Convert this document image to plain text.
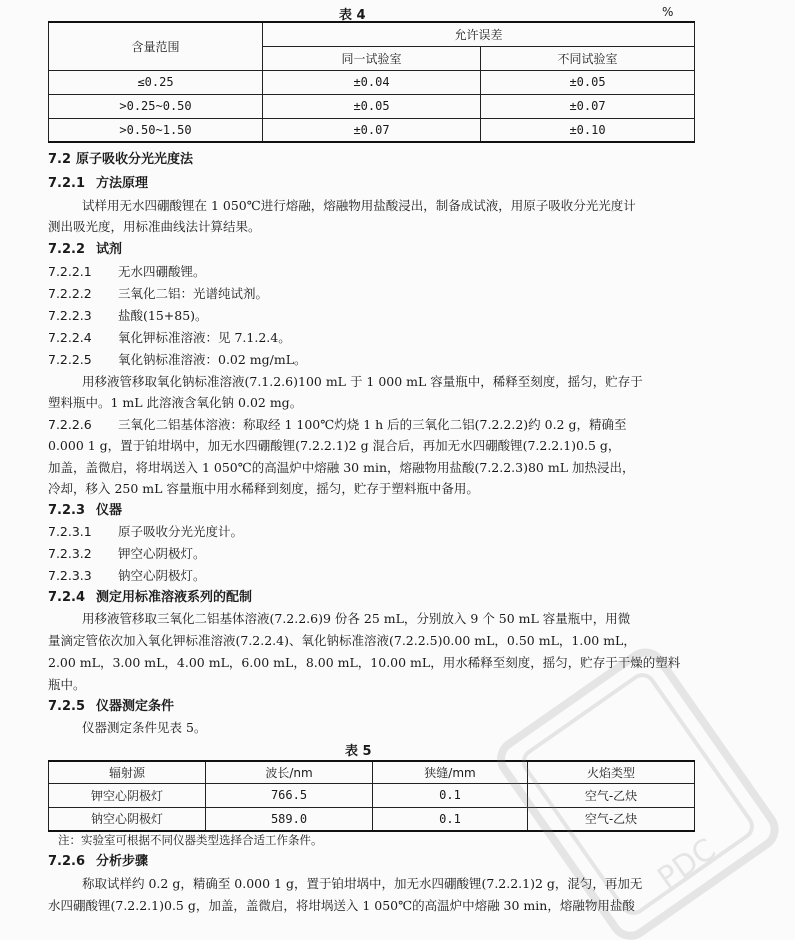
表 4	%
含量范围	允许误差	
	同一试验室	不同试验室
≤0.25	±0.04	±0.05
>0.25~0.50	±0.05	±0.07
>0.50~1.50	±0.07	±0.10
7.2 原子吸收分光光度法
7.2.1 方法原理
试样用无水四硼酸锂在 1 050℃进行熔融，熔融物用盐酸浸出，制备成试液，用原子吸收分光光度计
测出吸光度，用标准曲线法计算结果。
7.2.2 试剂
7.2.2.1 无水四硼酸锂。
7.2.2.2 三氧化二铝：光谱纯试剂。
7.2.2.3 盐酸(15+85)。
7.2.2.4 氧化钾标准溶液：见 7.1.2.4。
7.2.2.5 氧化钠标准溶液：0.02 mg/mL。
用移液管移取氧化钠标准溶液(7.1.2.6)100 mL 于 1 000 mL 容量瓶中，稀释至刻度，摇匀，贮存于
塑料瓶中。1 mL 此溶液含氧化钠 0.02 mg。
7.2.2.6 三氧化二铝基体溶液：称取经 1 100℃灼烧 1 h 后的三氧化二铝(7.2.2.2)约 0.2 g，精确至
0.000 1 g，置于铂坩埚中，加无水四硼酸锂(7.2.2.1)2 g 混合后，再加无水四硼酸锂(7.2.2.1)0.5 g，
加盖，盖微启，将坩埚送入 1 050℃的高温炉中熔融 30 min，熔融物用盐酸(7.2.2.3)80 mL 加热浸出，
冷却，移入 250 mL 容量瓶中用水稀释到刻度，摇匀，贮存于塑料瓶中备用。
7.2.3 仪器
7.2.3.1 原子吸收分光光度计。
7.2.3.2 钾空心阴极灯。
7.2.3.3 钠空心阴极灯。
7.2.4 测定用标准溶液系列的配制
用移液管移取三氧化二铝基体溶液(7.2.2.6)9 份各 25 mL，分别放入 9 个 50 mL 容量瓶中，用微
量滴定管依次加入氧化钾标准溶液(7.2.2.4)、氧化钠标准溶液(7.2.2.5)0.00 mL，0.50 mL，1.00 mL，
2.00 mL，3.00 mL，4.00 mL，6.00 mL，8.00 mL，10.00 mL，用水稀释至刻度，摇匀，贮存于干燥的塑料
瓶中。
7.2.5 仪器测定条件
仪器测定条件见表 5。
表 5
辐射源	波长/nm	狭缝/mm	火焰类型
钾空心阴极灯	766.5	0.1	空气-乙炔
钠空心阴极灯	589.0	0.1	空气-乙炔
注：实验室可根据不同仪器类型选择合适工作条件。
7.2.6 分析步骤
称取试样约 0.2 g，精确至 0.000 1 g，置于铂坩埚中，加无水四硼酸锂(7.2.2.1)2 g，混匀，再加无
水四硼酸锂(7.2.2.1)0.5 g，加盖，盖微启，将坩埚送入 1 050℃的高温炉中熔融 30 min，熔融物用盐酸
PDC
